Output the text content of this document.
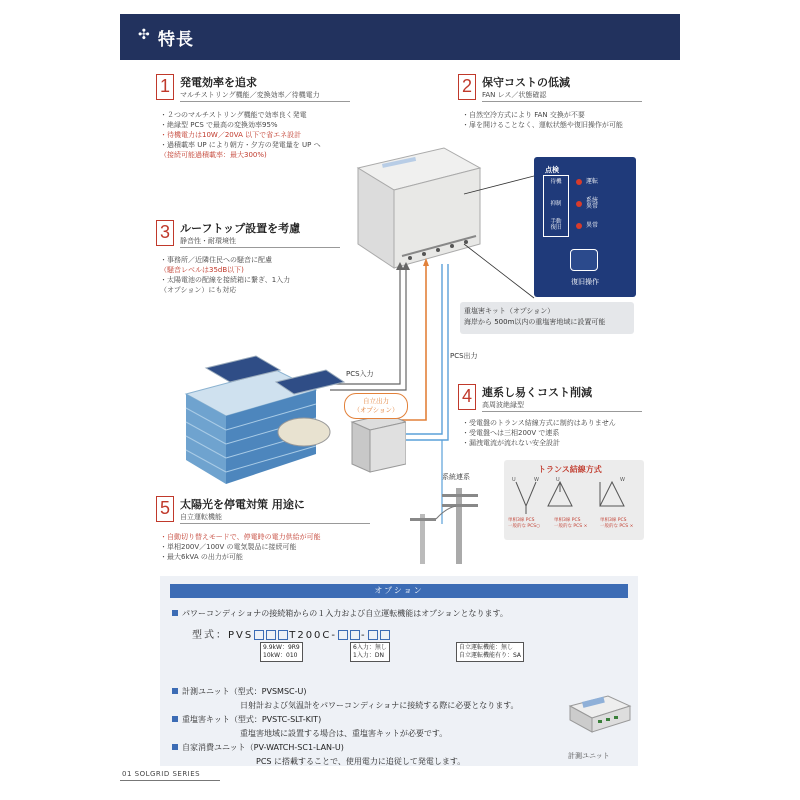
✣ 特長
1 発電効率を追求
マルチストリング機能／変換効率／待機電力
・２つのマルチストリング機能で効率良く発電
・絶縁型 PCS で最高の変換効率95%
・待機電力は10W／20VA 以下で省エネ設計
・過積載率 UP により朝方・夕方の発電量を UP へ
（接続可能過積載率：最大300%)
2 保守コストの低減
FAN レス／状態確認
・自然空冷方式により FAN 交換が不要
・扉を開けることなく、運転状態や復旧操作が可能
点検
待機
抑制
手動
復旧
運転
系統
異常
異常
復旧操作
重塩害キット（オプション）
海岸から 500m以内の重塩害地域に設置可能
3 ルーフトップ設置を考慮
静音性・耐環境性
・事務所／近隣住民への騒音に配慮
（騒音レベルは35dB以下)
・太陽電池の配線を接続箱に繋ぎ、1入力
（オプション）にも対応
PCS入力
PCS出力
系統連系
自立出力
（オプション）
4 連系し易くコスト削減
高周波絶縁型
・受電盤のトランス結線方式に制約はありません
・受電盤へは三相200V で連系
・漏洩電流が流れない安全設計
トランス結線方式
U	W	U	W
単相3線 PCS
一般的な PCS○
単相3線 PCS
一般的な PCS ×
単相3線 PCS
一般的な PCS ×
5 太陽光を停電対策 用途に
自立運転機能
・自動切り替えモードで、停電時の電力供給が可能
・単相200V／100V の電気製品に接続可能
・最大6kVA の出力が可能
オプション
パワーコンディショナの接続箱からの１入力および自立運転機能はオプションとなります。
型式：PVS	T200C- -
9.9kW：9R9
10kW：010
6入力：無し
1入力：DN
自立運転機能：無し
自立運転機能有り：SA
計測ユニット（型式：PVSMSC-U)
日射計および気温計をパワーコンディショナに接続する際に必要となります。
重塩害キット（型式：PVSTC-SLT-KIT)
重塩害地域に設置する場合は、重塩害キットが必要です。
自家消費ユニット（PV-WATCH-SC1-LAN-U)
PCS に搭載することで、使用電力に追従して発電します。
計測ユニット
01 SOLGRID SERIES
